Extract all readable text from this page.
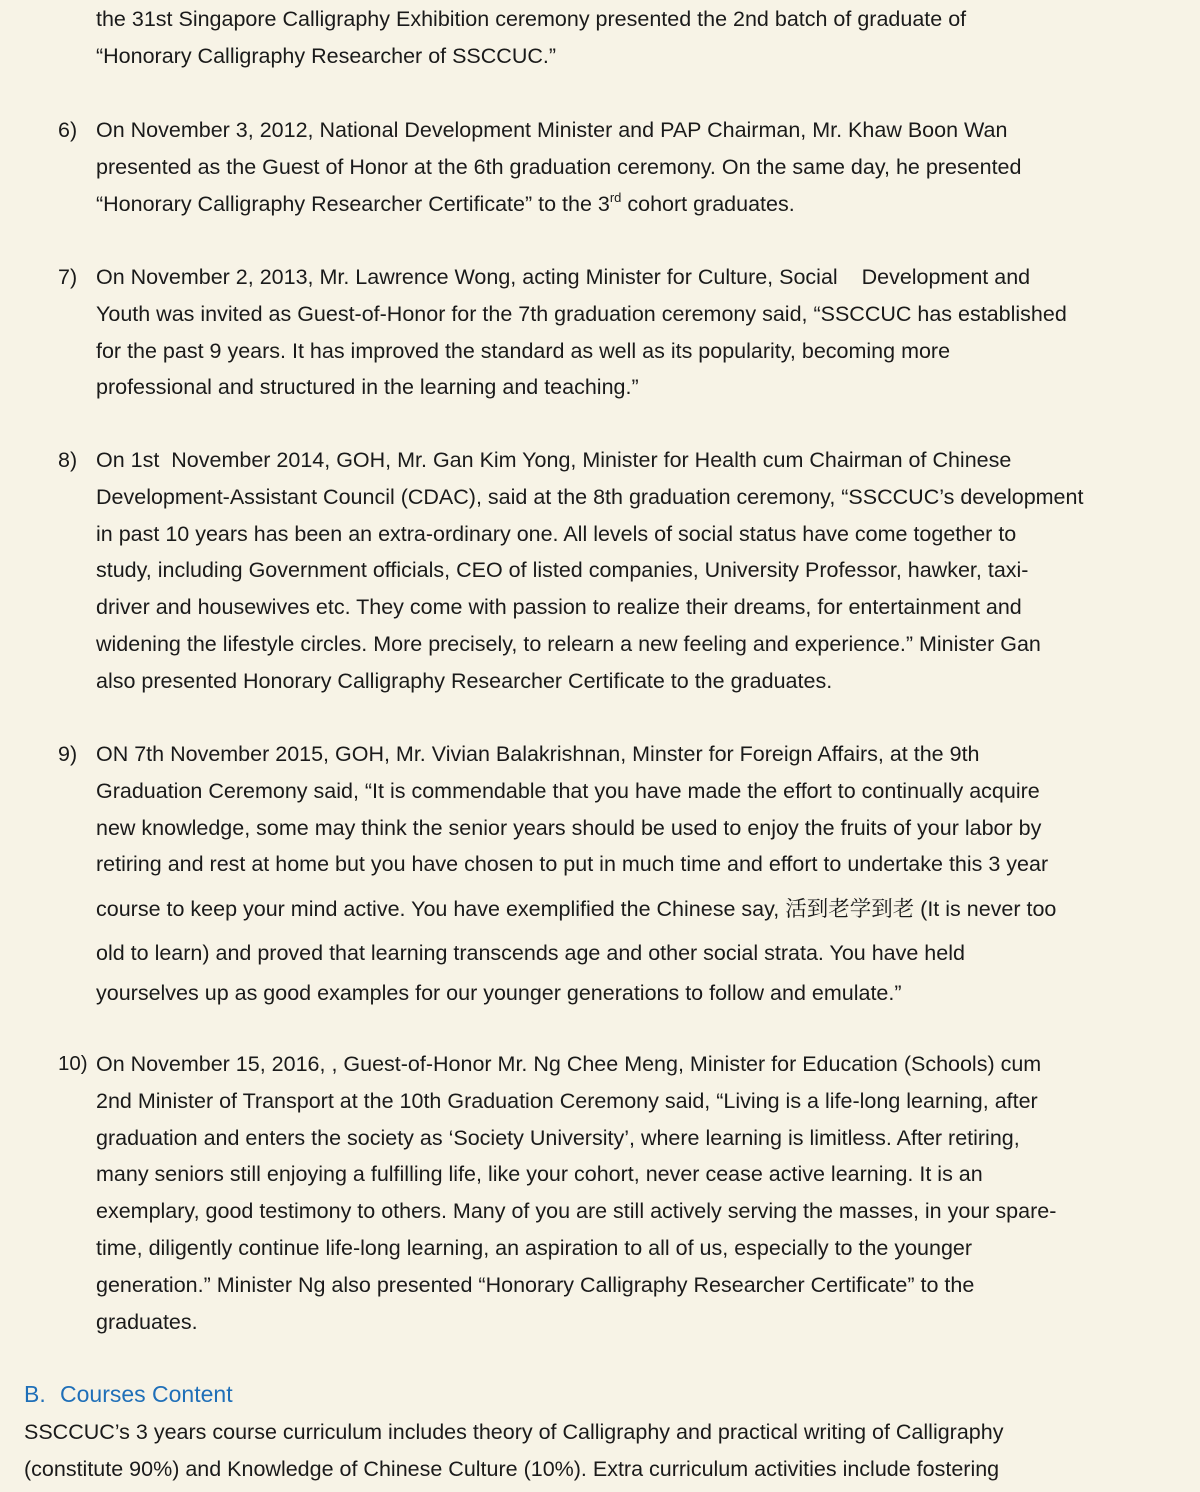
the 31st Singapore Calligraphy Exhibition ceremony presented the 2nd batch of graduate of
“Honorary Calligraphy Researcher of SSCCUC.”
6) On November 3, 2012, National Development Minister and PAP Chairman, Mr. Khaw Boon Wan
presented as the Guest of Honor at the 6th graduation ceremony. On the same day, he presented
“Honorary Calligraphy Researcher Certificate” to the 3rd cohort graduates.
7) On November 2, 2013, Mr. Lawrence Wong, acting Minister for Culture, Social    Development and
Youth was invited as Guest-of-Honor for the 7th graduation ceremony said, “SSCCUC has established
for the past 9 years. It has improved the standard as well as its popularity, becoming more
professional and structured in the learning and teaching.”
8) On 1st  November 2014, GOH, Mr. Gan Kim Yong, Minister for Health cum Chairman of Chinese
Development-Assistant Council (CDAC), said at the 8th graduation ceremony, “SSCCUC’s development
in past 10 years has been an extra-ordinary one. All levels of social status have come together to
study, including Government officials, CEO of listed companies, University Professor, hawker, taxi-
driver and housewives etc. They come with passion to realize their dreams, for entertainment and
widening the lifestyle circles. More precisely, to relearn a new feeling and experience.” Minister Gan
also presented Honorary Calligraphy Researcher Certificate to the graduates.
9) ON 7th November 2015, GOH, Mr. Vivian Balakrishnan, Minster for Foreign Affairs, at the 9th
Graduation Ceremony said, “It is commendable that you have made the effort to continually acquire
new knowledge, some may think the senior years should be used to enjoy the fruits of your labor by
retiring and rest at home but you have chosen to put in much time and effort to undertake this 3 year
course to keep your mind active. You have exemplified the Chinese say, 活到老学到老 (It is never too
old to learn) and proved that learning transcends age and other social strata. You have held
yourselves up as good examples for our younger generations to follow and emulate.”
10) On November 15, 2016, , Guest-of-Honor Mr. Ng Chee Meng, Minister for Education (Schools) cum
2nd Minister of Transport at the 10th Graduation Ceremony said, “Living is a life-long learning, after
graduation and enters the society as ‘Society University’, where learning is limitless. After retiring,
many seniors still enjoying a fulfilling life, like your cohort, never cease active learning. It is an
exemplary, good testimony to others. Many of you are still actively serving the masses, in your spare-
time, diligently continue life-long learning, an aspiration to all of us, especially to the younger
generation.” Minister Ng also presented “Honorary Calligraphy Researcher Certificate” to the
graduates.
B. Courses Content
SSCCUC’s 3 years course curriculum includes theory of Calligraphy and practical writing of Calligraphy
(constitute 90%) and Knowledge of Chinese Culture (10%). Extra curriculum activities include fostering
